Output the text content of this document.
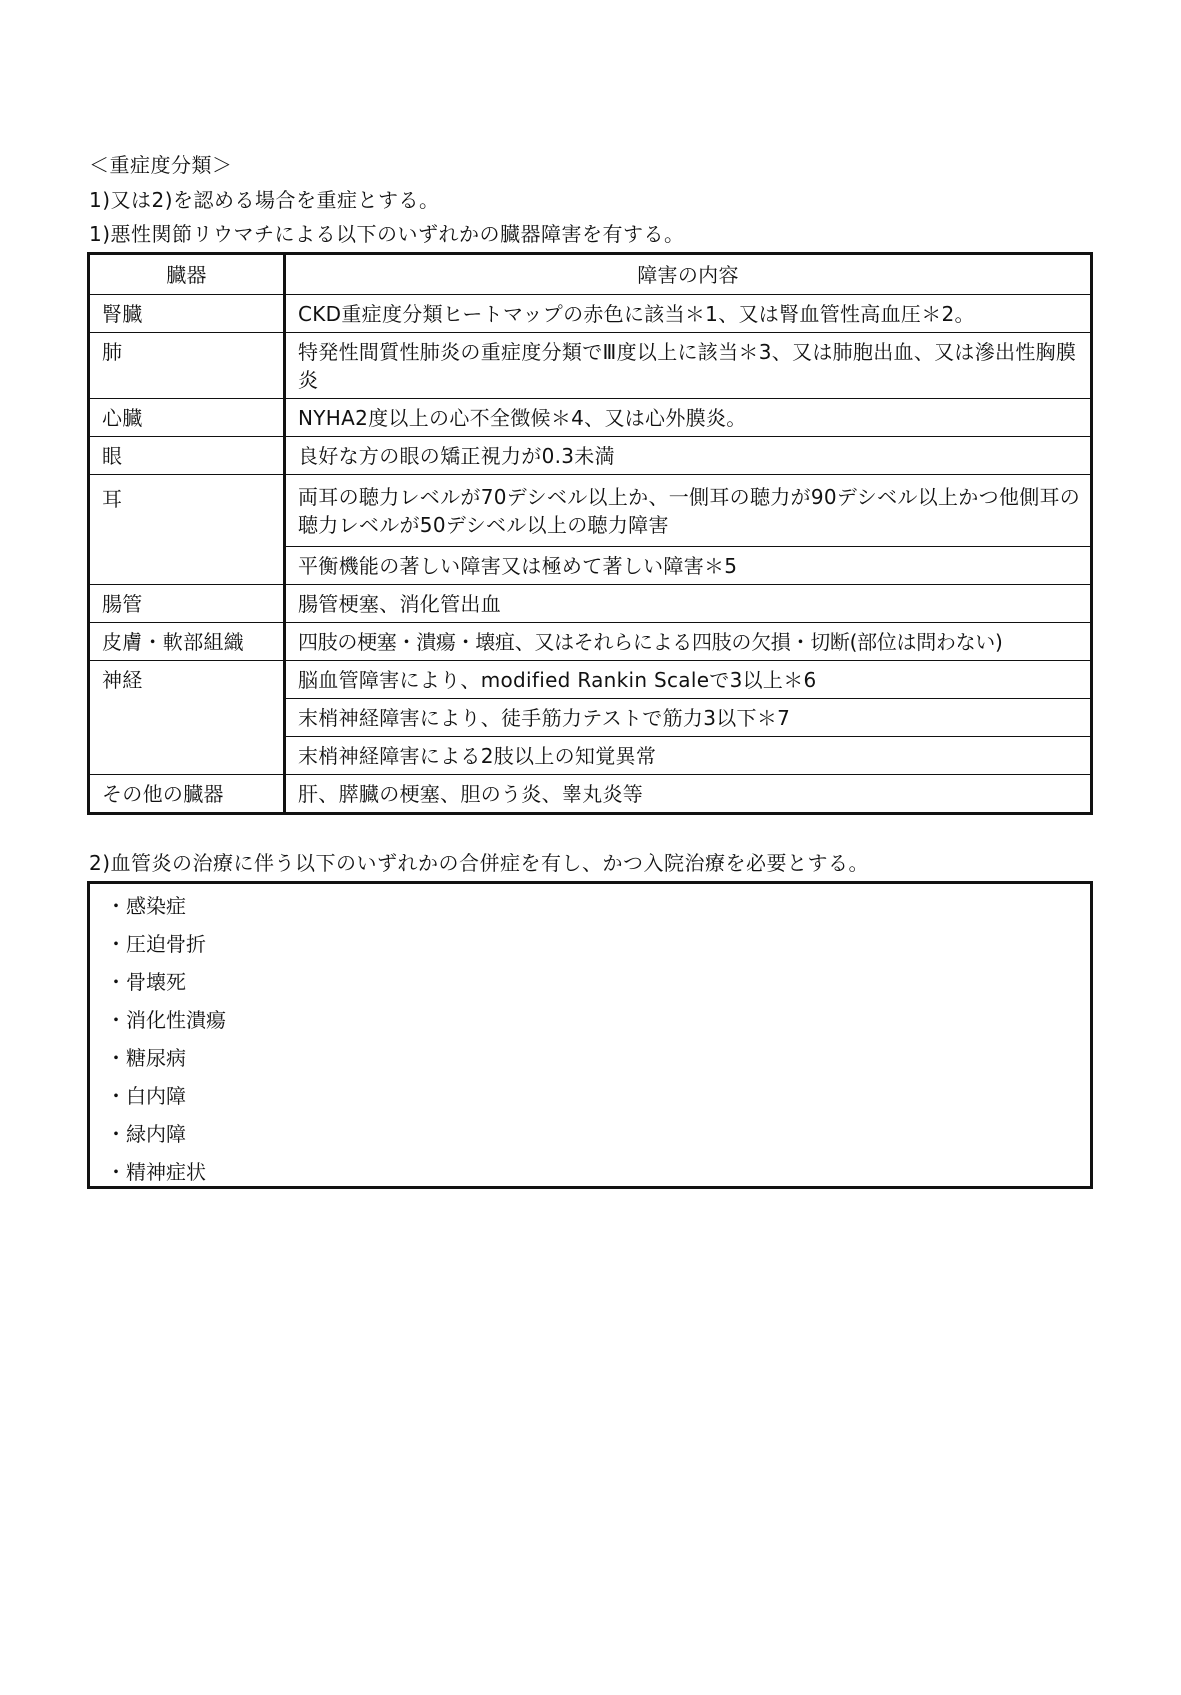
＜重症度分類＞
1)又は2)を認める場合を重症とする。
1)悪性関節リウマチによる以下のいずれかの臓器障害を有する。
臓器	障害の内容
腎臓	CKD重症度分類ヒートマップの赤色に該当＊1、又は腎血管性高血圧＊2。
肺	特発性間質性肺炎の重症度分類でⅢ度以上に該当＊3、又は肺胞出血、又は滲出性胸膜炎
心臓	NYHA2度以上の心不全徴候＊4、又は心外膜炎。
眼	良好な方の眼の矯正視力が0.3未満
耳	両耳の聴力レベルが70デシベル以上か、一側耳の聴力が90デシベル以上かつ他側耳の聴力レベルが50デシベル以上の聴力障害
	平衡機能の著しい障害又は極めて著しい障害＊5
腸管	腸管梗塞、消化管出血
皮膚・軟部組織	四肢の梗塞・潰瘍・壊疽、又はそれらによる四肢の欠損・切断(部位は問わない)
神経	脳血管障害により、modified Rankin Scaleで3以上＊6
	末梢神経障害により、徒手筋力テストで筋力3以下＊7
	末梢神経障害による2肢以上の知覚異常
その他の臓器	肝、膵臓の梗塞、胆のう炎、睾丸炎等
2)血管炎の治療に伴う以下のいずれかの合併症を有し、かつ入院治療を必要とする。
・感染症
・圧迫骨折
・骨壊死
・消化性潰瘍
・糖尿病
・白内障
・緑内障
・精神症状
